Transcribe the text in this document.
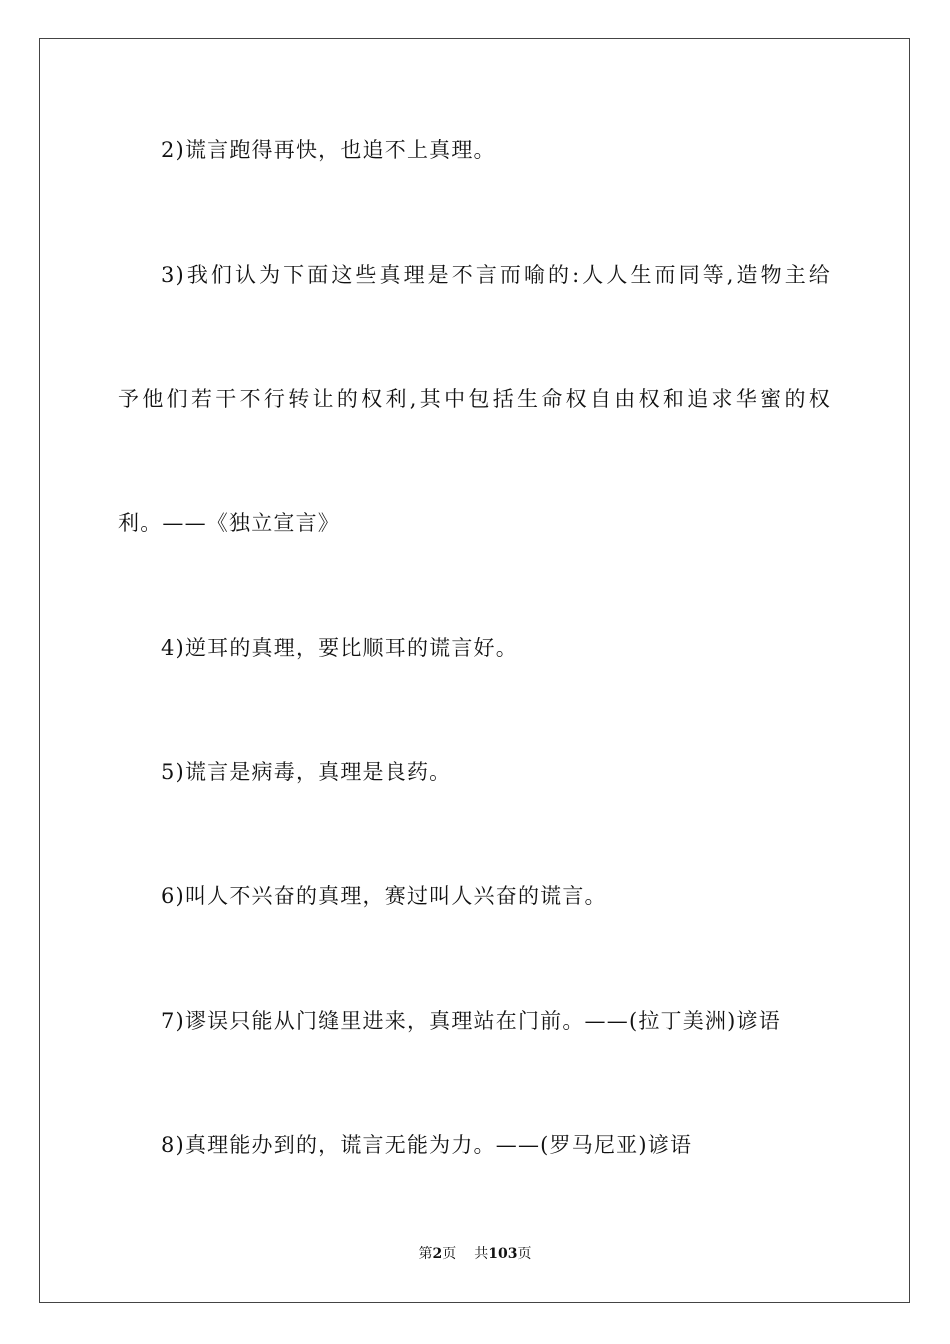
2)谎言跑得再快，也追不上真理。
3)我们认为下面这些真理是不言而喻的:人人生而同等,造物主给
予他们若干不行转让的权利,其中包括生命权自由权和追求华蜜的权
利。——《独立宣言》
4)逆耳的真理，要比顺耳的谎言好。
5)谎言是病毒，真理是良药。
6)叫人不兴奋的真理，赛过叫人兴奋的谎言。
7)谬误只能从门缝里进来，真理站在门前。——(拉丁美洲)谚语
8)真理能办到的，谎言无能为力。——(罗马尼亚)谚语
第2页 共103页
